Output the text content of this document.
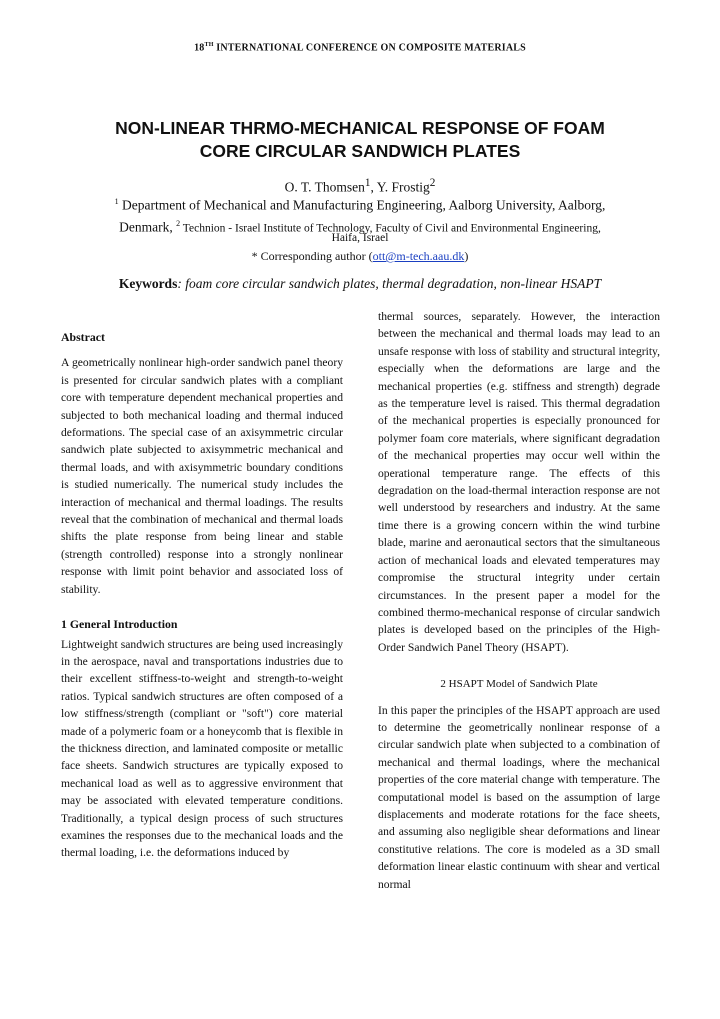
18TH INTERNATIONAL CONFERENCE ON COMPOSITE MATERIALS
NON-LINEAR THRMO-MECHANICAL RESPONSE OF FOAM
CORE CIRCULAR SANDWICH PLATES
O. T. Thomsen$^1$, Y. Frostig$^2$
$^1$ Department of Mechanical and Manufacturing Engineering, Aalborg University, Aalborg,
Denmark, $^2$ Technion - Israel Institute of Technology, Faculty of Civil and Environmental Engineering,
Haifa, Israel
* Corresponding author (ott@m-tech.aau.dk)
Keywords: foam core circular sandwich plates, thermal degradation, non-linear HSAPT

Abstract

A geometrically nonlinear high-order sandwich panel theory is presented for circular sandwich plates with a compliant core with temperature dependent mechanical properties and subjected to both mechanical loading and thermal induced deformations. The special case of an axisymmetric circular sandwich plate subjected to axisymmetric mechanical and thermal loads, and with axisymmetric boundary conditions is studied numerically. The numerical study includes the interaction of mechanical and thermal loadings. The results reveal that the combination of mechanical and thermal loads shifts the plate response from being linear and stable (strength controlled) response into a strongly nonlinear response with limit point behavior and associated loss of stability.

1 General Introduction

Lightweight sandwich structures are being used increasingly in the aerospace, naval and transportations industries due to their excellent stiffness-to-weight and strength-to-weight ratios. Typical sandwich structures are often composed of a low stiffness/strength (compliant or "soft") core material made of a polymeric foam or a honeycomb that is flexible in the thickness direction, and laminated composite or metallic face sheets. Sandwich structures are typically exposed to mechanical load as well as to aggressive environment that may be associated with elevated temperature conditions. Traditionally, a typical design process of such structures examines the responses due to the mechanical loads and the thermal loading, i.e. the deformations induced by

thermal sources, separately. However, the interaction between the mechanical and thermal loads may lead to an unsafe response with loss of stability and structural integrity, especially when the deformations are large and the mechanical properties (e.g. stiffness and strength) degrade as the temperature level is raised. This thermal degradation of the mechanical properties is especially pronounced for polymer foam core materials, where significant degradation of the mechanical properties may occur well within the operational temperature range. The effects of this degradation on the load-thermal interaction response are not well understood by researchers and industry. At the same time there is a growing concern within the wind turbine blade, marine and aeronautical sectors that the simultaneous action of mechanical loads and elevated temperatures may compromise the structural integrity under certain circumstances. In the present paper a model for the combined thermo-mechanical response of circular sandwich plates is developed based on the principles of the High-Order Sandwich Panel Theory (HSAPT).

2 HSAPT Model of Sandwich Plate

In this paper the principles of the HSAPT approach are used to determine the geometrically nonlinear response of a circular sandwich plate when subjected to a combination of mechanical and thermal loadings, where the mechanical properties of the core material change with temperature. The computational model is based on the assumption of large displacements and moderate rotations for the face sheets, and assuming also negligible shear deformations and linear constitutive relations. The core is modeled as a 3D small deformation linear elastic continuum with shear and vertical normal
